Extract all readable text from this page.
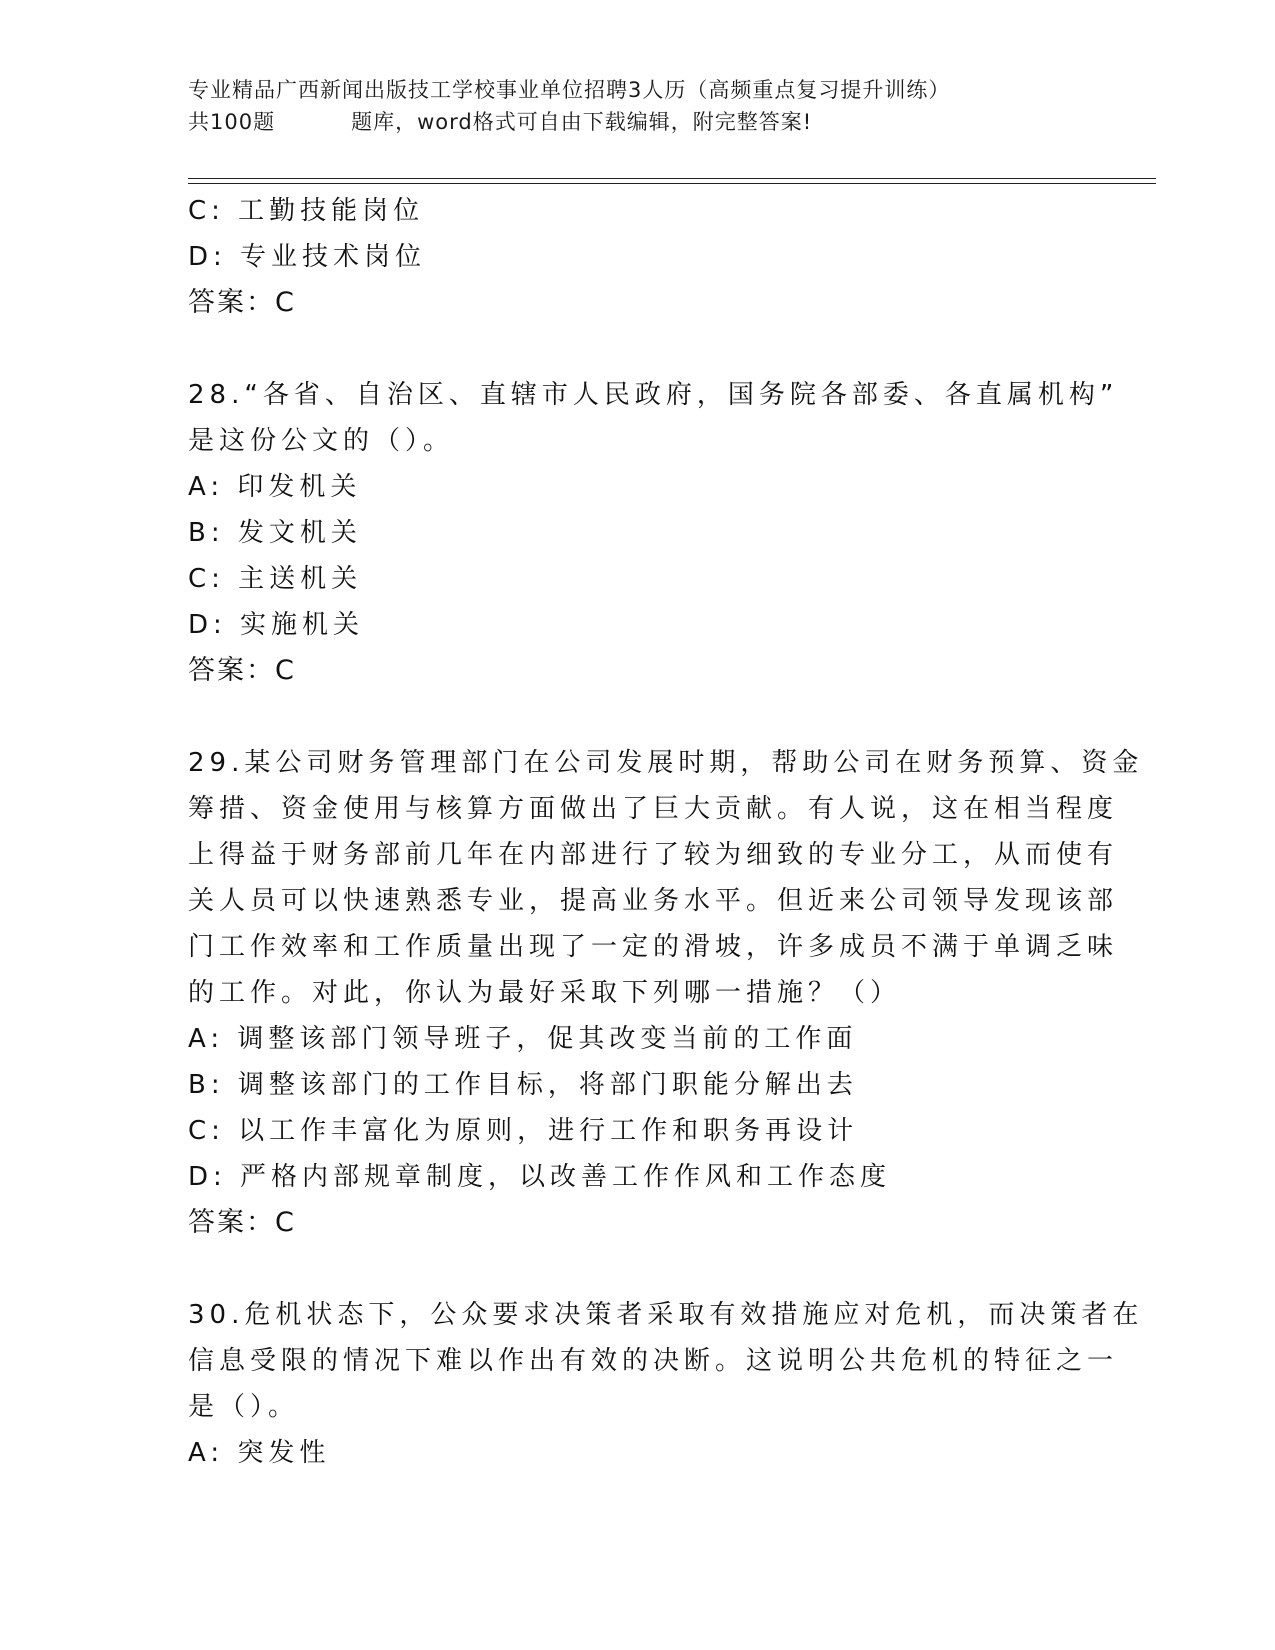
专业精品广西新闻出版技工学校事业单位招聘3人历（高频重点复习提升训练）
共100题	题库，word格式可自由下载编辑，附完整答案!
C: 工勤技能岗位
D: 专业技术岗位
答案：C
28.“各省、自治区、直辖市人民政府，国务院各部委、各直属机构”
是这份公文的（）。
A: 印发机关
B: 发文机关
C: 主送机关
D: 实施机关
答案：C
29.某公司财务管理部门在公司发展时期，帮助公司在财务预算、资金
筹措、资金使用与核算方面做出了巨大贡献。有人说，这在相当程度
上得益于财务部前几年在内部进行了较为细致的专业分工，从而使有
关人员可以快速熟悉专业，提高业务水平。但近来公司领导发现该部
门工作效率和工作质量出现了一定的滑坡，许多成员不满于单调乏味
的工作。对此，你认为最好采取下列哪一措施？（）
A: 调整该部门领导班子，促其改变当前的工作面
B: 调整该部门的工作目标，将部门职能分解出去
C: 以工作丰富化为原则，进行工作和职务再设计
D: 严格内部规章制度，以改善工作作风和工作态度
答案：C
30.危机状态下，公众要求决策者采取有效措施应对危机，而决策者在
信息受限的情况下难以作出有效的决断。这说明公共危机的特征之一
是（）。
A: 突发性
